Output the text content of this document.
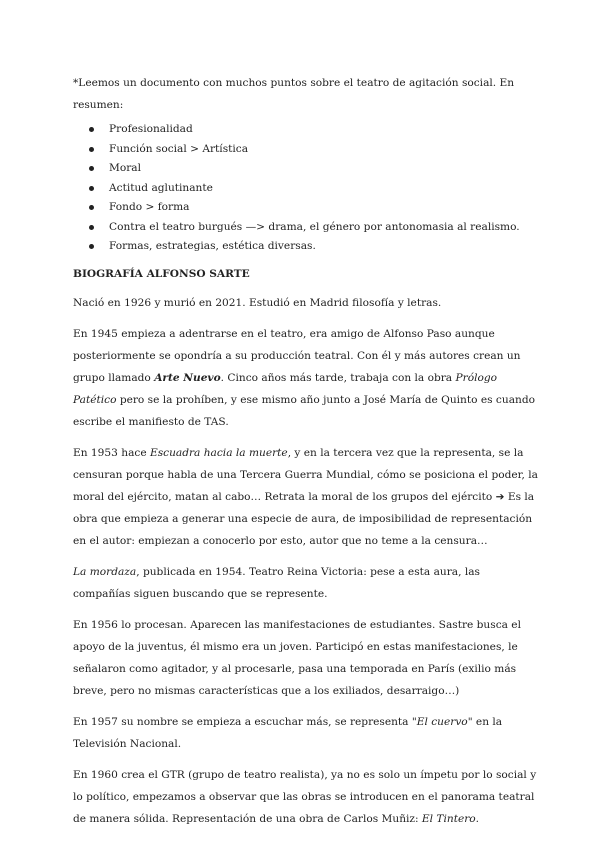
*Leemos un documento con muchos puntos sobre el teatro de agitación social. En resumen:

Profesionalidad
Función social > Artística
Moral
Actitud aglutinante
Fondo > forma
Contra el teatro burgués —> drama, el género por antonomasia al realismo.
Formas, estrategias, estética diversas.

BIOGRAFÍA ALFONSO SARTE

Nació en 1926 y murió en 2021. Estudió en Madrid filosofía y letras.

En 1945 empieza a adentrarse en el teatro, era amigo de Alfonso Paso aunque posteriormente se opondría a su producción teatral. Con él y más autores crean un grupo llamado Arte Nuevo. Cinco años más tarde, trabaja con la obra Prólogo Patético pero se la prohíben, y ese mismo año junto a José María de Quinto es cuando escribe el manifiesto de TAS.

En 1953 hace Escuadra hacia la muerte, y en la tercera vez que la representa, se la censuran porque habla de una Tercera Guerra Mundial, cómo se posiciona el poder, la moral del ejército, matan al cabo… Retrata la moral de los grupos del ejército ➔ Es la obra que empieza a generar una especie de aura, de imposibilidad de representación en el autor: empiezan a conocerlo por esto, autor que no teme a la censura…

La mordaza, publicada en 1954. Teatro Reina Victoria: pese a esta aura, las compañías siguen buscando que se represente.

En 1956 lo procesan. Aparecen las manifestaciones de estudiantes. Sastre busca el apoyo de la juventus, él mismo era un joven. Participó en estas manifestaciones, le señalaron como agitador, y al procesarle, pasa una temporada en París (exilio más breve, pero no mismas características que a los exiliados, desarraigo…)

En 1957 su nombre se empieza a escuchar más, se representa "El cuervo" en la Televisión Nacional.

En 1960 crea el GTR (grupo de teatro realista), ya no es solo un ímpetu por lo social y lo político, empezamos a observar que las obras se introducen en el panorama teatral de manera sólida. Representación de una obra de Carlos Muñiz: El Tintero.
